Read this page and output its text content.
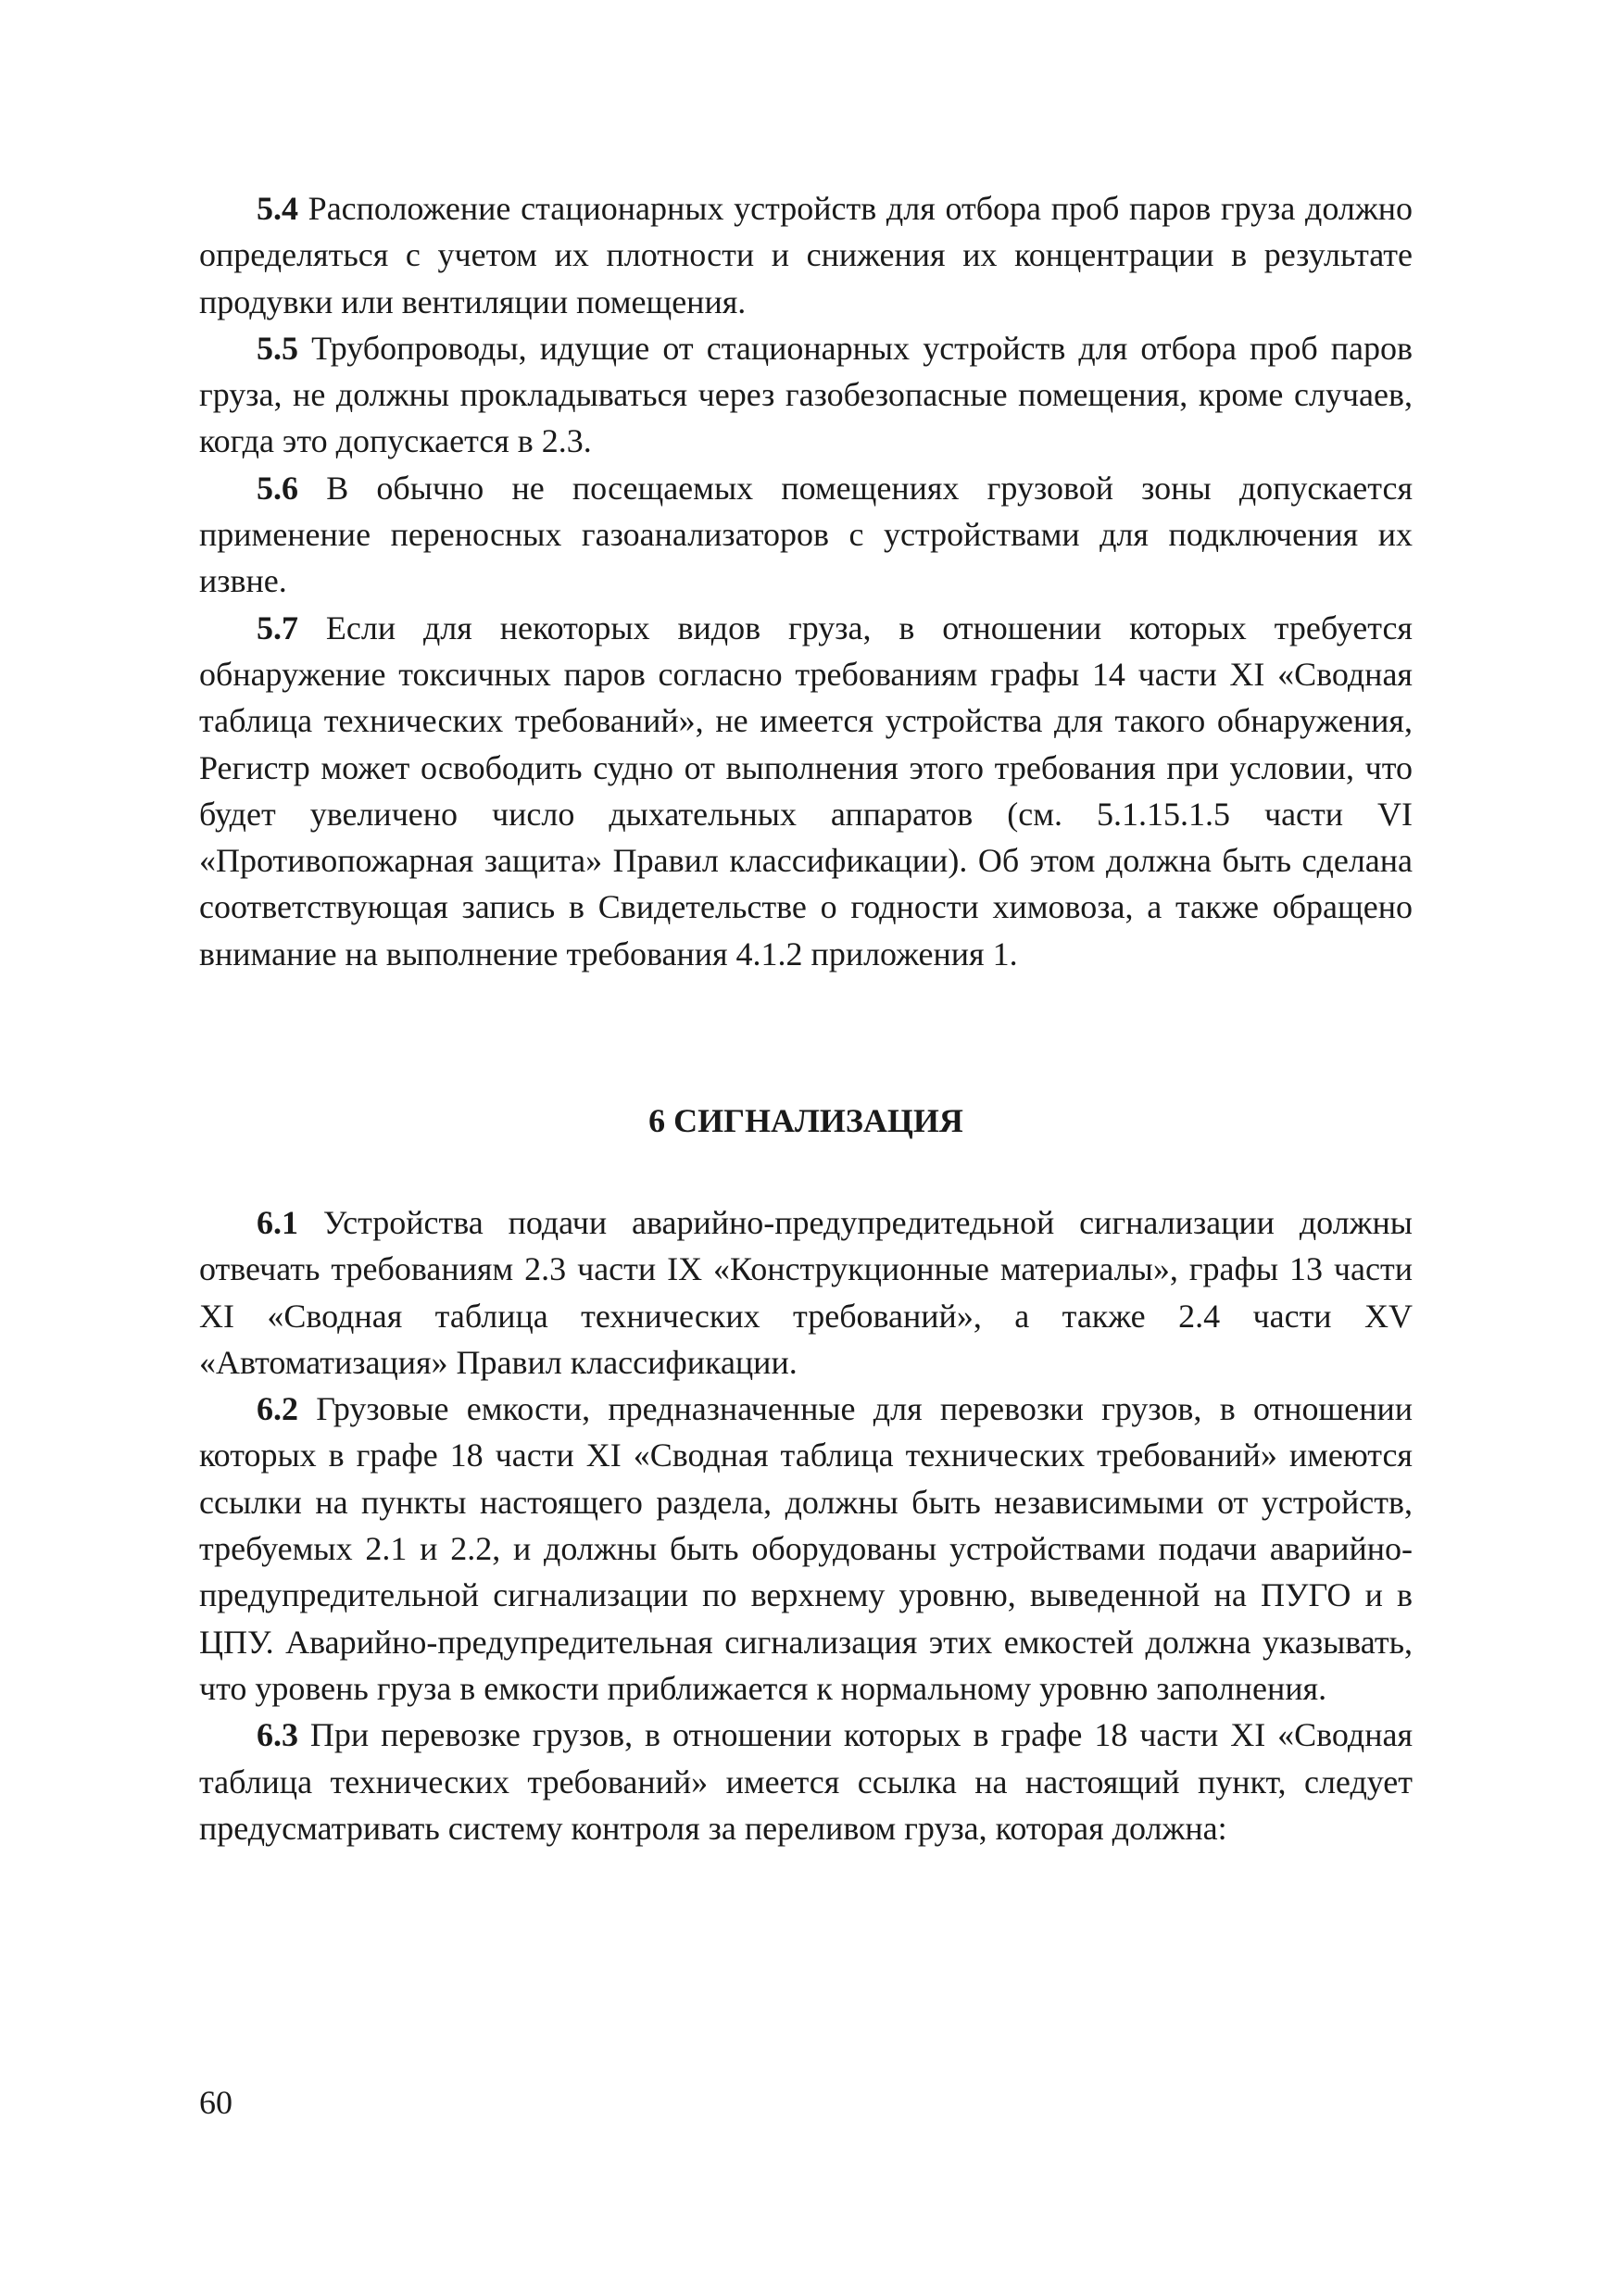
5.4 Расположение стационарных устройств для отбора проб паров груза должно определяться с учетом их плотности и снижения их концентрации в результате продувки или вентиляции помещения.

5.5 Трубопроводы, идущие от стационарных устройств для отбора проб паров груза, не должны прокладываться через газобезопасные помещения, кроме случаев, когда это допускается в 2.3.

5.6 В обычно не посещаемых помещениях грузовой зоны допускается применение переносных газоанализаторов с устройствами для подключения их извне.

5.7 Если для некоторых видов груза, в отношении которых требуется обнаружение токсичных паров согласно требованиям графы 14 части XI «Сводная таблица технических требований», не имеется устройства для такого обнаружения, Регистр может освободить судно от выполнения этого требования при условии, что будет увеличено число дыхательных аппаратов (см. 5.1.15.1.5 части VI «Противопожарная защита» Правил классификации). Об этом должна быть сделана соответствующая запись в Свидетельстве о годности химовоза, а также обращено внимание на выполнение требования 4.1.2 приложения 1.

6 СИГНАЛИЗАЦИЯ

6.1 Устройства подачи аварийно-предупредитедьной сигнализации должны отвечать требованиям 2.3 части IX «Конструкционные материалы», графы 13 части XI «Сводная таблица технических требований», а также 2.4 части XV «Автоматизация» Правил классификации.

6.2 Грузовые емкости, предназначенные для перевозки грузов, в отношении которых в графе 18 части XI «Сводная таблица технических требований» имеются ссылки на пункты настоящего раздела, должны быть независимыми от устройств, требуемых 2.1 и 2.2, и должны быть оборудованы устройствами подачи аварийно-предупредительной сигнализации по верхнему уровню, выведенной на ПУГО и в ЦПУ. Аварийно-предупредительная сигнализация этих емкостей должна указывать, что уровень груза в емкости приближается к нормальному уровню заполнения.

6.3 При перевозке грузов, в отношении которых в графе 18 части XI «Сводная таблица технических требований» имеется ссылка на настоящий пункт, следует предусматривать систему контроля за переливом груза, которая должна:

60
